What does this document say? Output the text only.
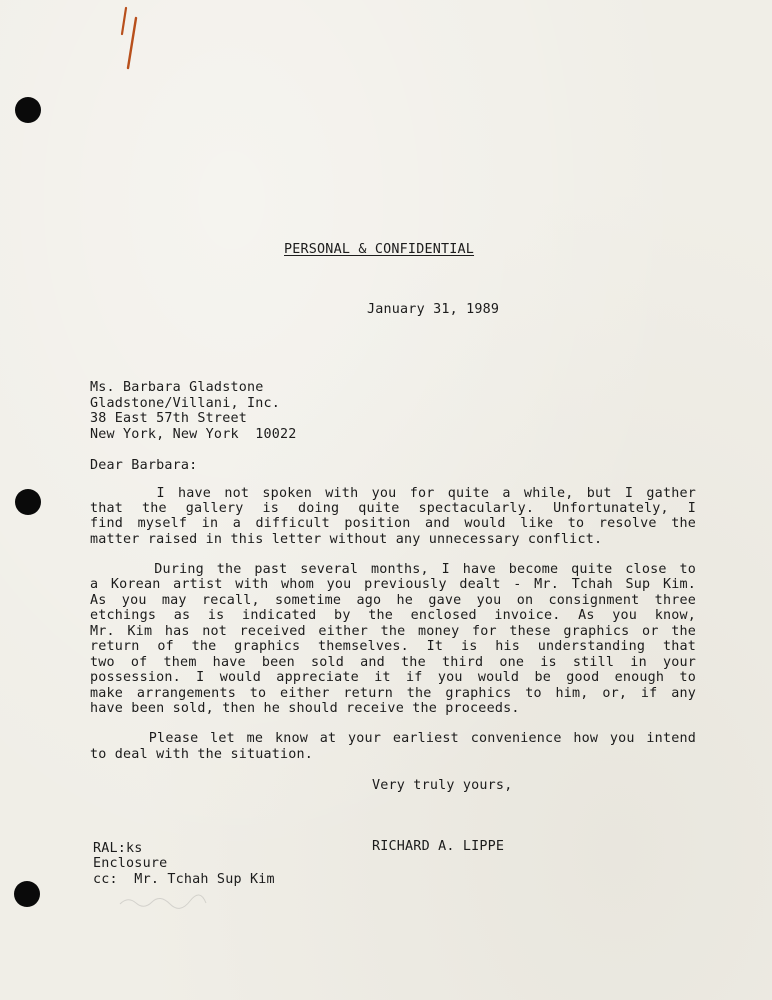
PERSONAL & CONFIDENTIAL
January 31, 1989
Ms. Barbara Gladstone
Gladstone/Villani, Inc.
38 East 57th Street
New York, New York  10022
Dear Barbara:
I have not spoken with you for quite a while, but I gather
that the gallery is doing quite spectacularly. Unfortunately, I
find myself in a difficult position and would like to resolve the
matter raised in this letter without any unnecessary conflict.
During the past several months, I have become quite close to
a Korean artist with whom you previously dealt - Mr. Tchah Sup Kim.
As you may recall, sometime ago he gave you on consignment three
etchings as is indicated by the enclosed invoice. As you know,
Mr. Kim has not received either the money for these graphics or the
return of the graphics themselves. It is his understanding that
two of them have been sold and the third one is still in your
possession. I would appreciate it if you would be good enough to
make arrangements to either return the graphics to him, or, if any
have been sold, then he should receive the proceeds.
Please let me know at your earliest convenience how you intend
to deal with the situation.
Very truly yours,
RICHARD A. LIPPE
RAL:ks
Enclosure
cc:  Mr. Tchah Sup Kim
